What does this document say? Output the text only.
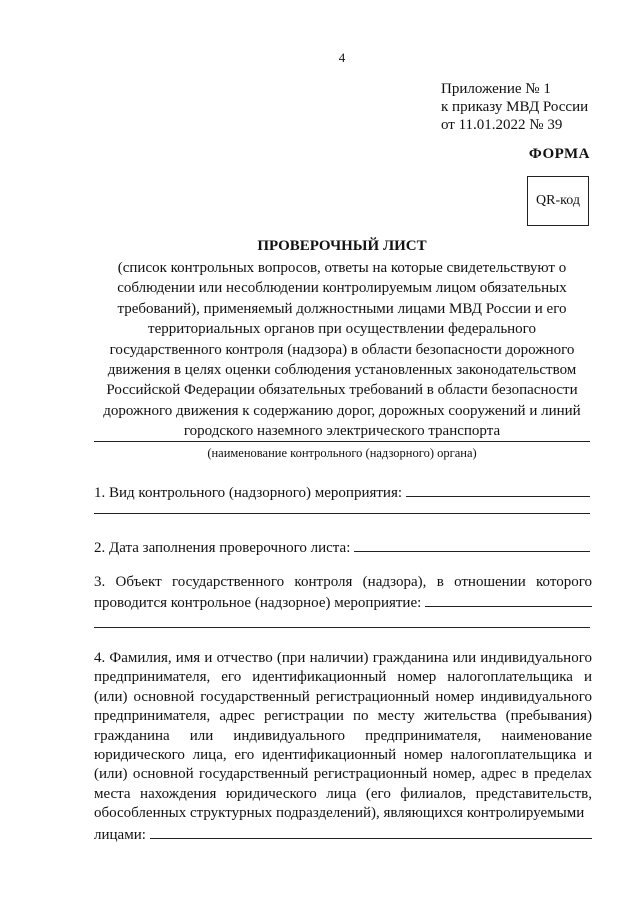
4
Приложение № 1
к приказу МВД России
от 11.01.2022 № 39
ФОРМА
QR-код
ПРОВЕРОЧНЫЙ ЛИСТ
(список контрольных вопросов, ответы на которые свидетельствуют о
соблюдении или несоблюдении контролируемым лицом обязательных
требований), применяемый должностными лицами МВД России и его
территориальных органов при осуществлении федерального
государственного контроля (надзора) в области безопасности дорожного
движения в целях оценки соблюдения установленных законодательством
Российской Федерации обязательных требований в области безопасности
дорожного движения к содержанию дорог, дорожных сооружений и линий
городского наземного электрического транспорта
(наименование контрольного (надзорного) органа)
1. Вид контрольного (надзорного) мероприятия:
2. Дата заполнения проверочного листа:
3. Объект государственного контроля (надзора), в отношении которого
проводится контрольное (надзорное) мероприятие:
4. Фамилия, имя и отчество (при наличии) гражданина или индивидуального предпринимателя, его идентификационный номер налогоплательщика и (или) основной государственный регистрационный номер индивидуального предпринимателя, адрес регистрации по месту жительства (пребывания) гражданина или индивидуального предпринимателя, наименование юридического лица, его идентификационный номер налогоплательщика и (или) основной государственный регистрационный номер, адрес в пределах места нахождения юридического лица (его филиалов, представительств, обособленных структурных подразделений), являющихся контролируемыми
лицами:
